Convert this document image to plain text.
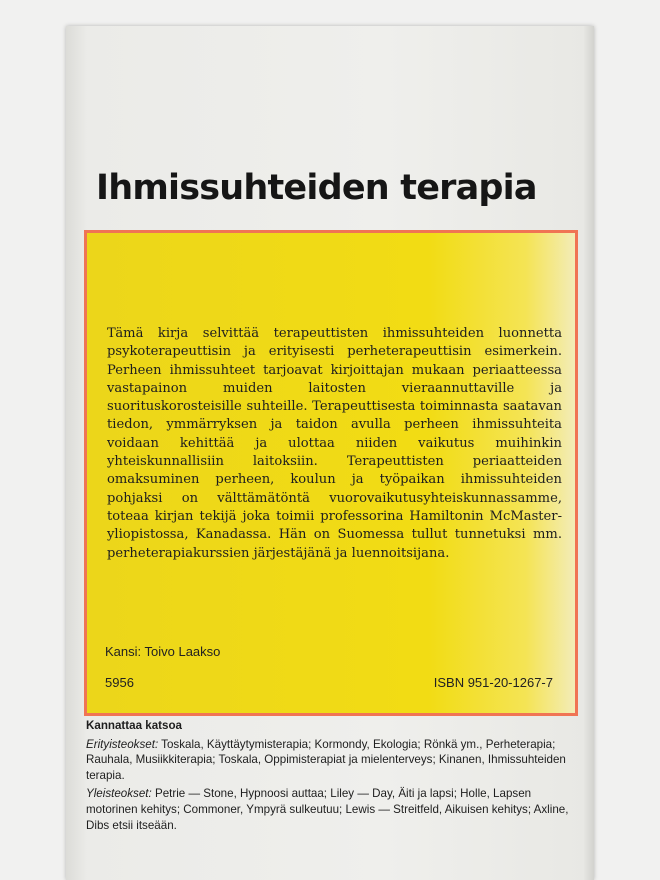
Ihmissuhteiden terapia

Tämä kirja selvittää terapeuttisten ihmissuhteiden luonnetta psykoterapeuttisin ja erityisesti perheterapeuttisin esimerkein. Perheen ihmissuhteet tarjoavat kirjoittajan mukaan periaatteessa vastapainon muiden laitosten vieraannuttaville ja suorituskorosteisille suhteille. Terapeuttisesta toiminnasta saatavan tiedon, ymmärryksen ja taidon avulla perheen ihmissuhteita voidaan kehittää ja ulottaa niiden vaikutus muihinkin yhteiskunnallisiin laitoksiin. Terapeuttisten periaatteiden omaksuminen perheen, koulun ja työpaikan ihmissuhteiden pohjaksi on välttämätöntä vuorovaikutusyhteiskunnassamme, toteaa kirjan tekijä joka toimii professorina Hamiltonin McMaster-yliopistossa, Kanadassa. Hän on Suomessa tullut tunnetuksi mm. perheterapiakurssien järjestäjänä ja luennoitsijana.

Kansi: Toivo Laakso

5956	ISBN 951-20-1267-7

Kannattaa katsoa

Erityisteokset: Toskala, Käyttäytymisterapia; Kormondy, Ekologia; Rönkä ym., Perheterapia; Rauhala, Musiikkiterapia; Toskala, Oppimisterapiat ja mielenterveys; Kinanen, Ihmissuhteiden terapia.

Yleisteokset: Petrie — Stone, Hypnoosi auttaa; Liley — Day, Äiti ja lapsi; Holle, Lapsen motorinen kehitys; Commoner, Ympyrä sulkeutuu; Lewis — Streitfeld, Aikuisen kehitys; Axline, Dibs etsii itseään.
